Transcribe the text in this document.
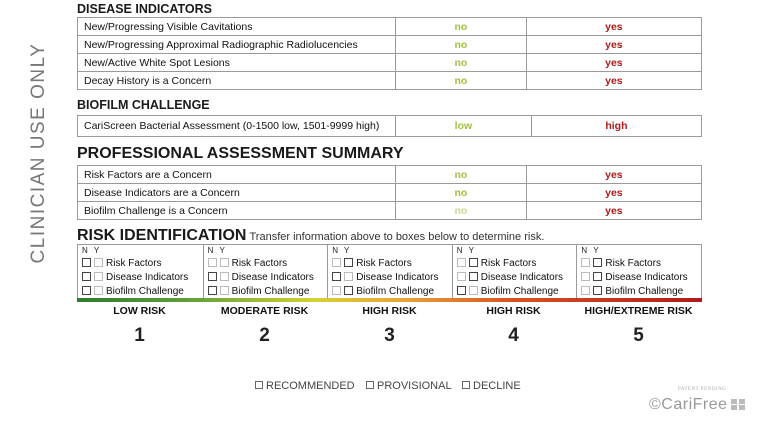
CLINICIAN USE ONLY
DISEASE INDICATORS
New/Progressing Visible Cavitations	no	yes
New/Progressing Approximal Radiographic Radiolucencies	no	yes
New/Active White Spot Lesions	no	yes
Decay History is a Concern	no	yes
BIOFILM CHALLENGE
CariScreen Bacterial Assessment (0-1500 low, 1501-9999 high)	low	high
PROFESSIONAL ASSESSMENT SUMMARY
Risk Factors are a Concern	no	yes
Disease Indicators are a Concern	no	yes
Biofilm Challenge is a Concern	no	yes
RISK IDENTIFICATION Transfer information above to boxes below to determine risk.
N Y
Risk Factors
Disease Indicators
Biofilm Challenge
N Y
Risk Factors
Disease Indicators
Biofilm Challenge
N Y
Risk Factors
Disease Indicators
Biofilm Challenge
N Y
Risk Factors
Disease Indicators
Biofilm Challenge
N Y
Risk Factors
Disease Indicators
Biofilm Challenge
LOW RISK	MODERATE RISK	HIGH RISK	HIGH RISK	HIGH/EXTREME RISK
1	2	3	4	5
RECOMMENDED	PROVISIONAL	DECLINE	PATENT PENDING
©CariFree
